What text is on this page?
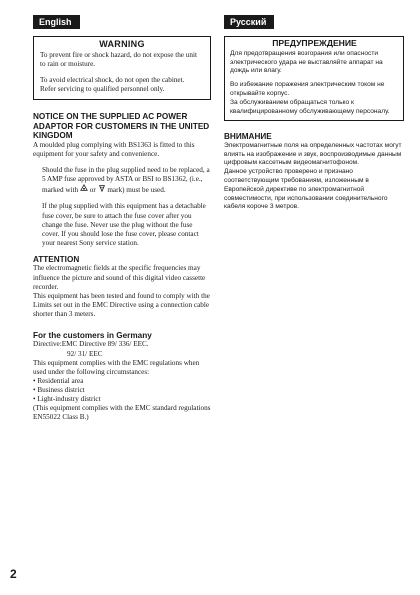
English
WARNING

To prevent fire or shock hazard, do not expose the unit to rain or moisture.

To avoid electrical shock, do not open the cabinet.
Refer servicing to qualified personnel only.

NOTICE ON THE SUPPLIED AC POWER ADAPTOR FOR CUSTOMERS IN THE UNITED KINGDOM

A moulded plug complying with BS1363 is fitted to this equipment for your safety and convenience.

Should the fuse in the plug supplied need to be replaced, a 5 AMP fuse approved by ASTA or BSI to BS1362, (i.e., marked with or mark) must be used.

If the plug supplied with this equipment has a detachable fuse cover, be sure to attach the fuse cover after you change the fuse. Never use the plug without the fuse cover. If you should lose the fuse cover, please contact your nearest Sony service station.

ATTENTION

The electromagnetic fields at the specific frequencies may influence the picture and sound of this digital video cassette recorder.

This equipment has been tested and found to comply with the Limits set out in the EMC Directive using a connection cable shorter than 3 meters.

For the customers in Germany
Directive: EMC Directive 89/ 336/ EEC.
92/ 31/ EEC

This equipment complies with the EMC regulations when used under the following circumstances:

• Residential area
• Business district
• Light-industry district

(This equipment complies with the EMC standard regulations EN55022 Class B.)

Русский
ПРЕДУПРЕЖДЕНИЕ

Для предотвращения возгорания или опасности электрического удара не выставляйте аппарат на дождь или влагу.

Во избежание поражения электрическим током не открывайте корпус.
За обслуживанием обращаться только к квалифицированному обслуживающему персоналу.

ВНИМАНИЕ

Электромагнитные поля на определенных частотах могут влиять на изображение и звук, воспроизводимые данным цифровым кассетным видеомагнитофоном.

Данное устройство проверено и признано соответствующим требованиям, изложенным в Европейской директиве по электромагнитной совместимости, при использовании соединительного кабеля короче 3 метров.

2
